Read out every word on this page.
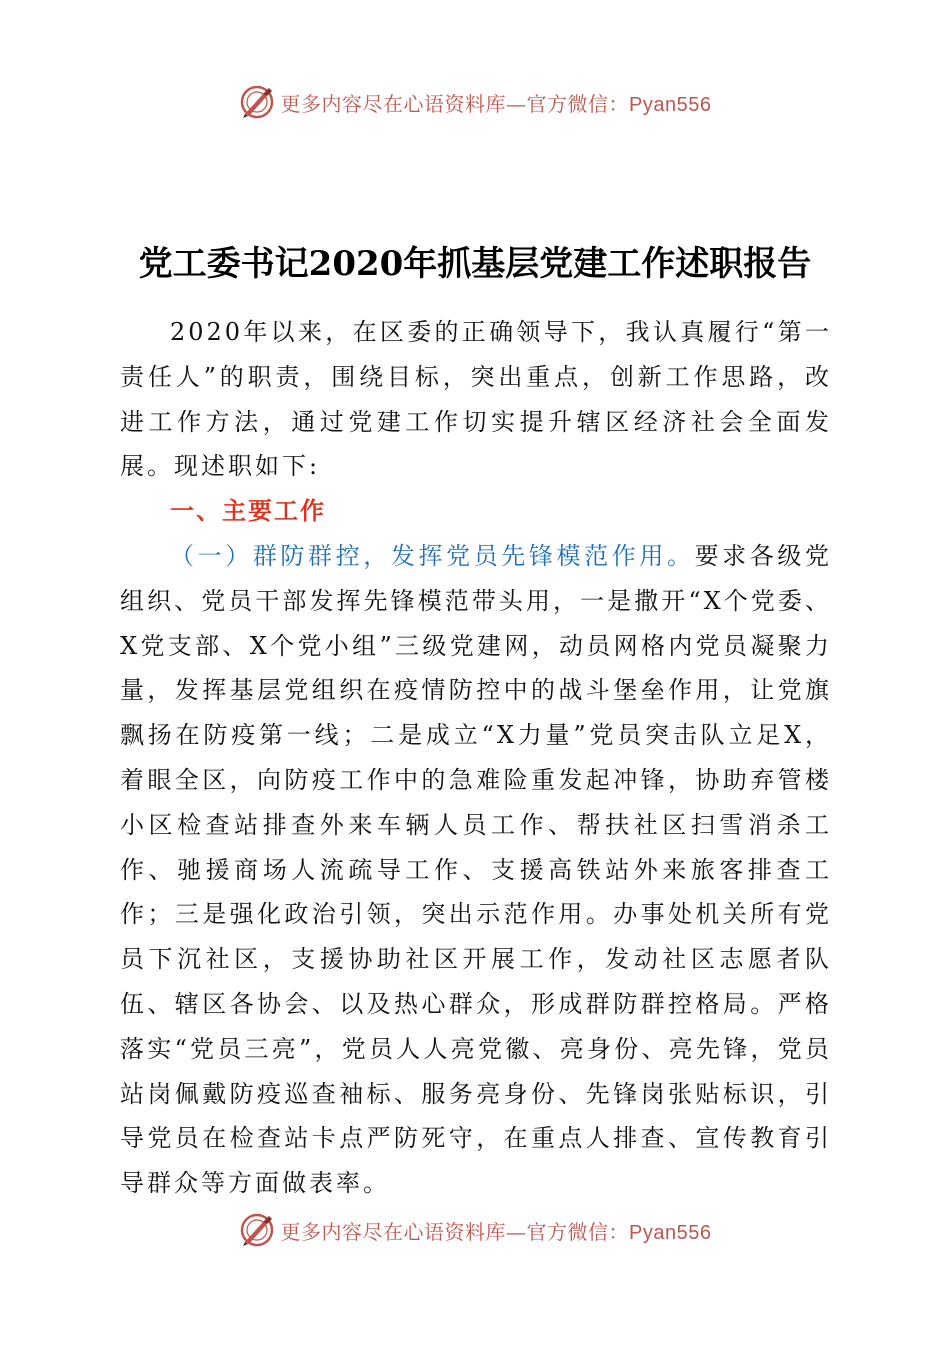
更多内容尽在心语资料库—官方微信：Pyan556
党工委书记2020年抓基层党建工作述职报告

2020年以来，在区委的正确领导下，我认真履行“第一责任人”的职责，围绕目标，突出重点，创新工作思路，改进工作方法，通过党建工作切实提升辖区经济社会全面发展。现述职如下:

一、主要工作

（一）群防群控，发挥党员先锋模范作用。要求各级党组织、党员干部发挥先锋模范带头用，一是撒开“X个党委、X党支部、X个党小组”三级党建网，动员网格内党员凝聚力量，发挥基层党组织在疫情防控中的战斗堡垒作用，让党旗飘扬在防疫第一线；二是成立“X力量”党员突击队立足X，着眼全区，向防疫工作中的急难险重发起冲锋，协助弃管楼小区检查站排查外来车辆人员工作、帮扶社区扫雪消杀工作、驰援商场人流疏导工作、支援高铁站外来旅客排查工作；三是强化政治引领，突出示范作用。办事处机关所有党员下沉社区，支援协助社区开展工作，发动社区志愿者队伍、辖区各协会、以及热心群众，形成群防群控格局。严格落实“党员三亮”，党员人人亮党徽、亮身份、亮先锋，党员站岗佩戴防疫巡查袖标、服务亮身份、先锋岗张贴标识，引导党员在检查站卡点严防死守，在重点人排查、宣传教育引导群众等方面做表率。

更多内容尽在心语资料库—官方微信：Pyan556
